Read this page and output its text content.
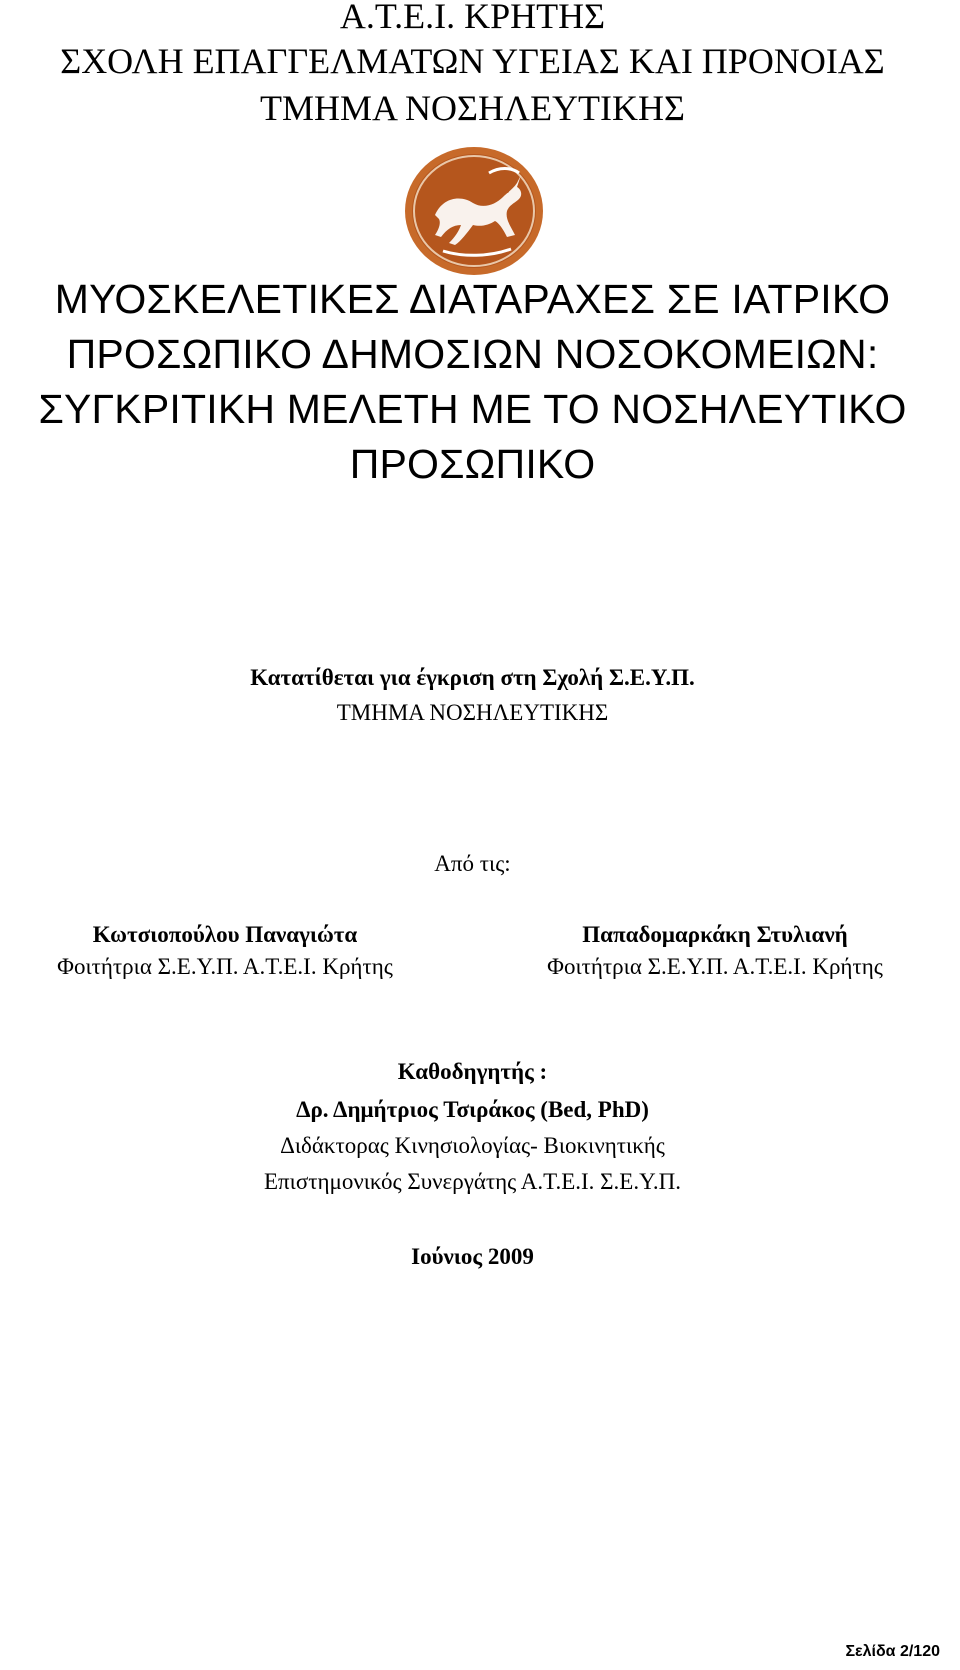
Α.Τ.Ε.Ι. ΚΡΗΤΗΣ
ΣΧΟΛΗ ΕΠΑΓΓΕΛΜΑΤΩΝ ΥΓΕΙΑΣ ΚΑΙ ΠΡΟΝΟΙΑΣ
ΤΜΗΜΑ ΝΟΣΗΛΕΥΤΙΚΗΣ
ΜΥΟΣΚΕΛΕΤΙΚΕΣ ΔΙΑΤΑΡΑΧΕΣ ΣΕ ΙΑΤΡΙΚΟ
ΠΡΟΣΩΠΙΚΟ ΔΗΜΟΣΙΩΝ ΝΟΣΟΚΟΜΕΙΩΝ:
ΣΥΓΚΡΙΤΙΚΗ ΜΕΛΕΤΗ ΜΕ ΤΟ ΝΟΣΗΛΕΥΤΙΚΟ
ΠΡΟΣΩΠΙΚΟ
Κατατίθεται για έγκριση στη Σχολή Σ.Ε.Υ.Π.
ΤΜΗΜΑ ΝΟΣΗΛΕΥΤΙΚΗΣ
Από τις:
Κωτσιοπούλου Παναγιώτα
Φοιτήτρια Σ.Ε.Υ.Π. Α.Τ.Ε.Ι. Κρήτης
Παπαδομαρκάκη Στυλιανή
Φοιτήτρια Σ.Ε.Υ.Π. Α.Τ.Ε.Ι. Κρήτης
Καθοδηγητής :
Δρ. Δημήτριος Τσιράκος (Bed, PhD)
Διδάκτορας Κινησιολογίας- Βιοκινητικής
Επιστημονικός Συνεργάτης Α.Τ.Ε.Ι. Σ.Ε.Υ.Π.
Ιούνιος 2009
Σελίδα 2/120
